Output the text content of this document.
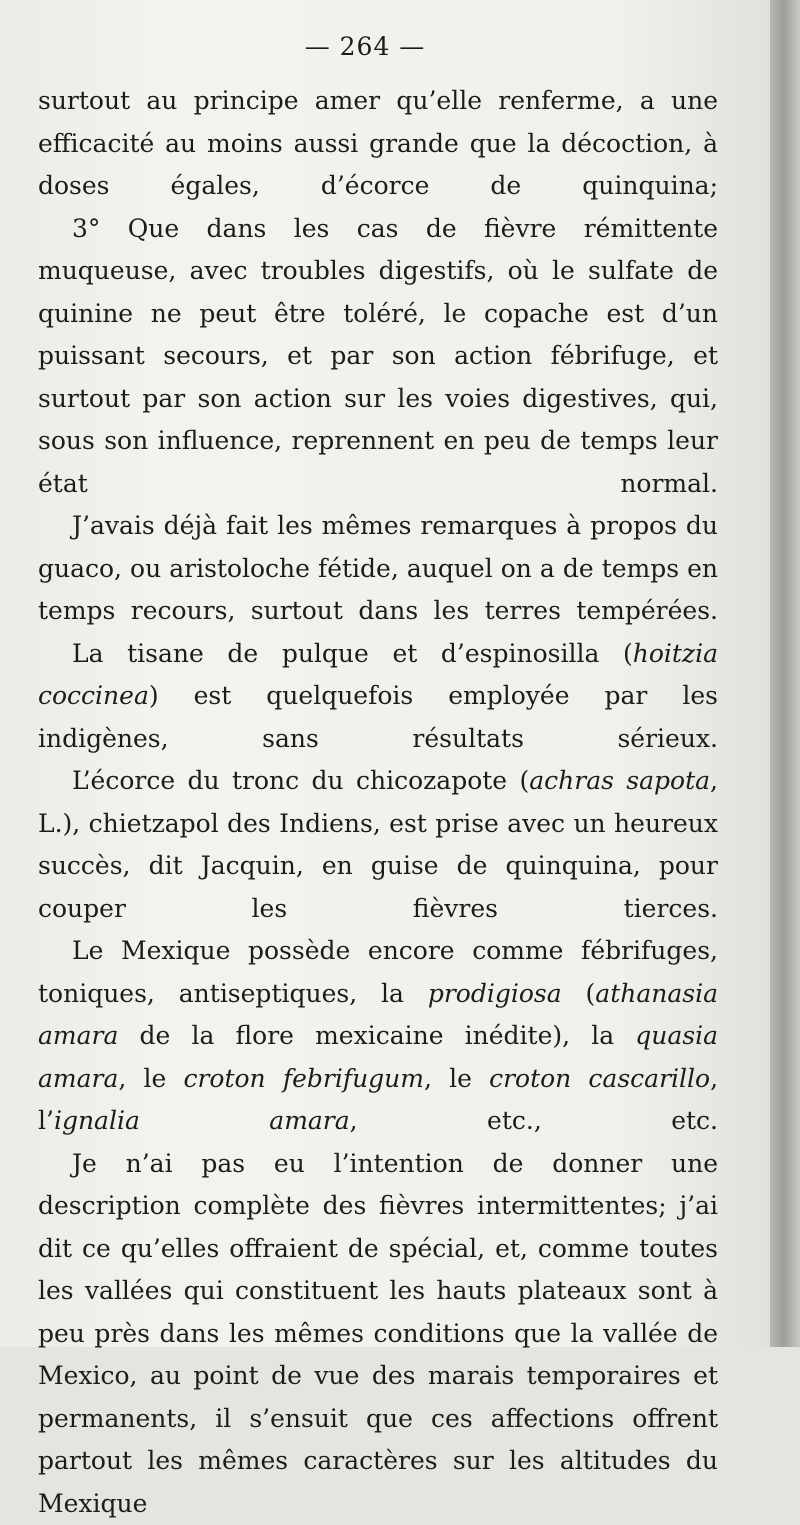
— 264 —

surtout au principe amer qu’elle renferme, a une efficacité au moins aussi grande que la décoction, à doses égales, d’écorce de quinquina;

3° Que dans les cas de fièvre rémittente muqueuse, avec troubles digestifs, où le sulfate de quinine ne peut être toléré, le copache est d’un puissant secours, et par son action fébrifuge, et surtout par son action sur les voies digestives, qui, sous son influence, reprennent en peu de temps leur état normal.

J’avais déjà fait les mêmes remarques à propos du guaco, ou aristoloche fétide, auquel on a de temps en temps recours, surtout dans les terres tempérées.

La tisane de pulque et d’espinosilla (hoitzia coccinea) est quelquefois employée par les indigènes, sans résultats sérieux.

L’écorce du tronc du chicozapote (achras sapota, L.), chietzapol des Indiens, est prise avec un heureux succès, dit Jacquin, en guise de quinquina, pour couper les fièvres tierces.

Le Mexique possède encore comme fébrifuges, toniques, antiseptiques, la prodigiosa (athanasia amara de la flore mexicaine inédite), la quasia amara, le croton febrifugum, le croton cascarillo, l’ignalia amara, etc., etc.

Je n’ai pas eu l’intention de donner une description complète des fièvres intermittentes; j’ai dit ce qu’elles offraient de spécial, et, comme toutes les vallées qui constituent les hauts plateaux sont à peu près dans les mêmes conditions que la vallée de Mexico, au point de vue des marais temporaires et permanents, il s’ensuit que ces affections offrent partout les mêmes caractères sur les altitudes du Mexique
